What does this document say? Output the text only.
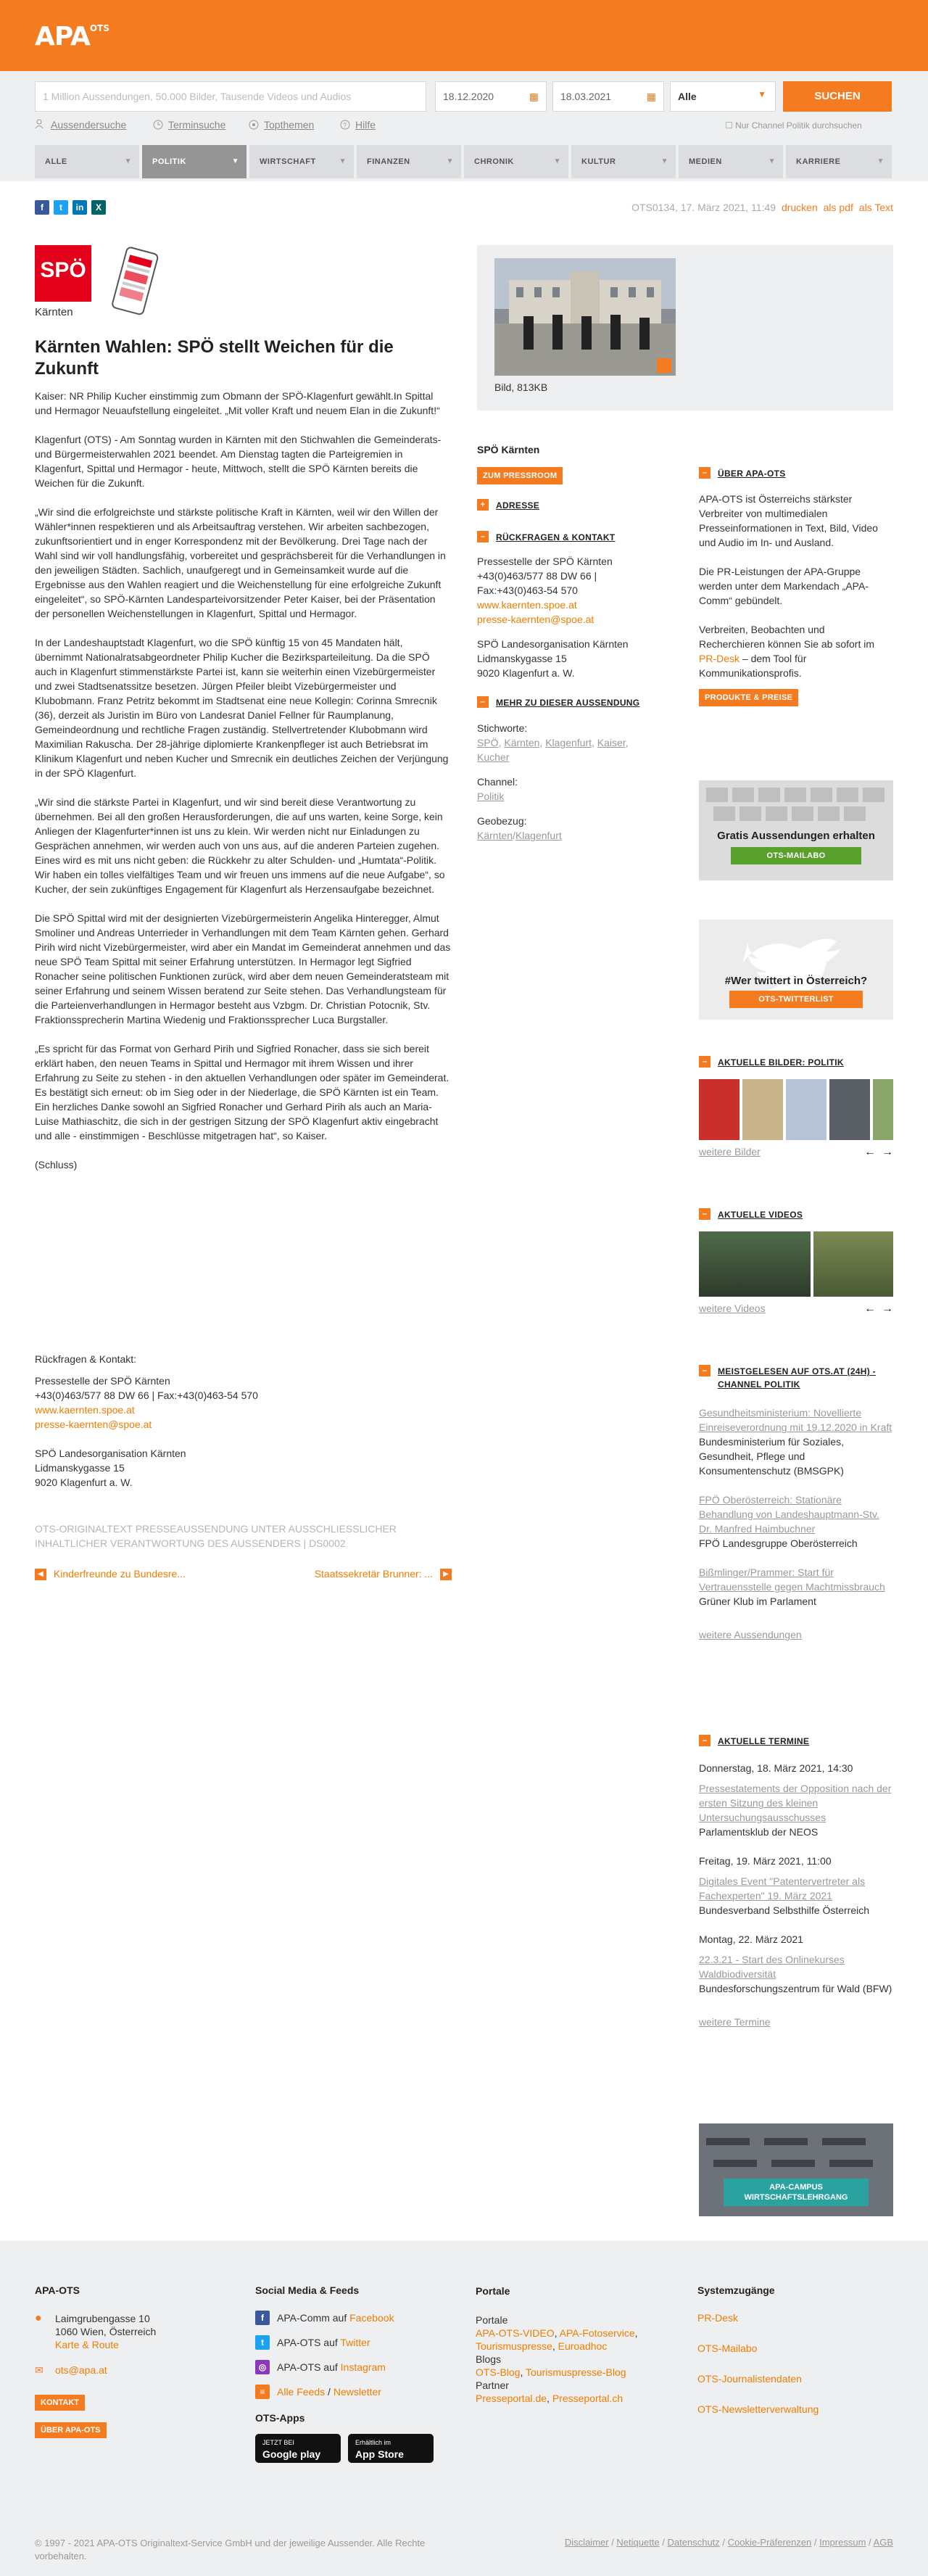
$APA^{OTS}$
1 Million Aussendungen, 50.000 Bilder, Tausende Videos und Audios	18.12.2020	▦	18.03.2021	▦	Alle	▼	SUCHEN
Aussendersuche	Terminsuche	Topthemen	? Hilfe	☐ Nur Channel Politik durchsuchen
ALLE	▼	POLITIK	▼	WIRTSCHAFT	▼	FINANZEN	▼	CHRONIK	▼	KULTUR	▼	MEDIEN	▼	KARRIERE	▼
f t in X	OTS0134, 17. März 2021, 11:49 drucken als pdf als Text
SPÖ
Kärnten
Kärnten Wahlen: SPÖ stellt Weichen für die Zukunft
Kaiser: NR Philip Kucher einstimmig zum Obmann der SPÖ-Klagenfurt gewählt.In Spittal und Hermagor Neuaufstellung eingeleitet. „Mit voller Kraft und neuem Elan in die Zukunft!“

Klagenfurt (OTS) - Am Sonntag wurden in Kärnten mit den Stichwahlen die Gemeinderats- und Bürgermeisterwahlen 2021 beendet. Am Dienstag tagten die Parteigremien in Klagenfurt, Spittal und Hermagor - heute, Mittwoch, stellt die SPÖ Kärnten bereits die Weichen für die Zukunft.

„Wir sind die erfolgreichste und stärkste politische Kraft in Kärnten, weil wir den Willen der Wähler*innen respektieren und als Arbeitsauftrag verstehen. Wir arbeiten sachbezogen, zukunftsorientiert und in enger Korrespondenz mit der Bevölkerung. Drei Tage nach der Wahl sind wir voll handlungsfähig, vorbereitet und gesprächsbereit für die Verhandlungen in den jeweiligen Städten. Sachlich, unaufgeregt und in Gemeinsamkeit wurde auf die Ergebnisse aus den Wahlen reagiert und die Weichenstellung für eine erfolgreiche Zukunft eingeleitet“, so SPÖ-Kärnten Landesparteivorsitzender Peter Kaiser, bei der Präsentation der personellen Weichenstellungen in Klagenfurt, Spittal und Hermagor.

In der Landeshauptstadt Klagenfurt, wo die SPÖ künftig 15 von 45 Mandaten hält, übernimmt Nationalratsabgeordneter Philip Kucher die Bezirksparteileitung. Da die SPÖ auch in Klagenfurt stimmenstärkste Partei ist, kann sie weiterhin einen Vizebürgermeister und zwei Stadtsenatssitze besetzen. Jürgen Pfeiler bleibt Vizebürgermeister und Klubobmann. Franz Petritz bekommt im Stadtsenat eine neue Kollegin: Corinna Smrecnik (36), derzeit als Juristin im Büro von Landesrat Daniel Fellner für Raumplanung, Gemeindeordnung und rechtliche Fragen zuständig. Stellvertretender Klubobmann wird Maximilian Rakuscha. Der 28-jährige diplomierte Krankenpfleger ist auch Betriebsrat im Klinikum Klagenfurt und neben Kucher und Smrecnik ein deutliches Zeichen der Verjüngung in der SPÖ Klagenfurt.

„Wir sind die stärkste Partei in Klagenfurt, und wir sind bereit diese Verantwortung zu übernehmen. Bei all den großen Herausforderungen, die auf uns warten, keine Sorge, kein Anliegen der Klagenfurter*innen ist uns zu klein. Wir werden nicht nur Einladungen zu Gesprächen annehmen, wir werden auch von uns aus, auf die anderen Parteien zugehen. Eines wird es mit uns nicht geben: die Rückkehr zu alter Schulden- und „Humtata“-Politik. Wir haben ein tolles vielfältiges Team und wir freuen uns immens auf die neue Aufgabe“, so Kucher, der sein zukünftiges Engagement für Klagenfurt als Herzensaufgabe bezeichnet.

Die SPÖ Spittal wird mit der designierten Vizebürgermeisterin Angelika Hinteregger, Almut Smoliner und Andreas Unterrieder in Verhandlungen mit dem Team Kärnten gehen. Gerhard Pirih wird nicht Vizebürgermeister, wird aber ein Mandat im Gemeinderat annehmen und das neue SPÖ Team Spittal mit seiner Erfahrung unterstützen. In Hermagor legt Sigfried Ronacher seine politischen Funktionen zurück, wird aber dem neuen Gemeinderatsteam mit seiner Erfahrung und seinem Wissen beratend zur Seite stehen. Das Verhandlungsteam für die Parteienverhandlungen in Hermagor besteht aus Vzbgm. Dr. Christian Potocnik, Stv. Fraktionssprecherin Martina Wiedenig und Fraktionssprecher Luca Burgstaller.

„Es spricht für das Format von Gerhard Pirih und Sigfried Ronacher, dass sie sich bereit erklärt haben, den neuen Teams in Spittal und Hermagor mit ihrem Wissen und ihrer Erfahrung zu Seite zu stehen - in den aktuellen Verhandlungen oder später im Gemeinderat. Es bestätigt sich erneut: ob im Sieg oder in der Niederlage, die SPÖ Kärnten ist ein Team. Ein herzliches Danke sowohl an Sigfried Ronacher und Gerhard Pirih als auch an Maria-Luise Mathiaschitz, die sich in der gestrigen Sitzung der SPÖ Klagenfurt aktiv eingebracht und alle - einstimmigen - Beschlüsse mitgetragen hat“, so Kaiser.

(Schluss)

Rückfragen & Kontakt:
Pressestelle der SPÖ Kärnten
+43(0)463/577 88 DW 66 | Fax:+43(0)463-54 570
www.kaernten.spoe.at
presse-kaernten@spoe.at
SPÖ Landesorganisation Kärnten
Lidmanskygasse 15
9020 Klagenfurt a. W.
OTS-ORIGINALTEXT PRESSEAUSSENDUNG UNTER AUSSCHLIESSLICHER INHALTLICHER VERANTWORTUNG DES AUSSENDERS | DS0002
◀ Kinderfreunde zu Bundesre...	Staatssekretär Brunner: ... ▶
Bild, 813KB
SPÖ Kärnten
ZUM PRESSROOM
+	ADRESSE
–	RÜCKFRAGEN & KONTAKT
Pressestelle der SPÖ Kärnten
+43(0)463/577 88 DW 66 |
Fax:+43(0)463-54 570
www.kaernten.spoe.at
presse-kaernten@spoe.at
SPÖ Landesorganisation Kärnten
Lidmanskygasse 15
9020 Klagenfurt a. W.
–	MEHR ZU DIESER AUSSENDUNG
Stichworte:
SPÖ, Kärnten, Klagenfurt, Kaiser,
Kucher
Channel:
Politik
Geobezug:
Kärnten/Klagenfurt
–	ÜBER APA-OTS

APA-OTS ist Österreichs stärkster Verbreiter von multimedialen Presseinformationen in Text, Bild, Video und Audio im In- und Ausland.

Die PR-Leistungen der APA-Gruppe werden unter dem Markendach „APA-Comm“ gebündelt.

Verbreiten, Beobachten und Recherchieren können Sie ab sofort im PR-Desk – dem Tool für Kommunikationsprofis.

PRODUKTE & PREISE
Gratis Aussendungen erhalten
OTS-MAILABO
#Wer twittert in Österreich?
OTS-TWITTERLIST
–	AKTUELLE BILDER: POLITIK
weitere Bilder	← →
–	AKTUELLE VIDEOS
weitere Videos	← →
–	MEISTGELESEN AUF OTS.AT (24H) - CHANNEL POLITIK
Gesundheitsministerium: Novellierte Einreiseverordnung mit 19.12.2020 in Kraft
Bundesministerium für Soziales, Gesundheit, Pflege und Konsumentenschutz (BMSGPK)
FPÖ Oberösterreich: Stationäre Behandlung von Landeshauptmann-Stv. Dr. Manfred Haimbuchner
FPÖ Landesgruppe Oberösterreich
Bißmlinger/Prammer: Start für Vertrauensstelle gegen Machtmissbrauch
Grüner Klub im Parlament
weitere Aussendungen
–	AKTUELLE TERMINE
Donnerstag, 18. März 2021, 14:30
Pressestatements der Opposition nach der ersten Sitzung des kleinen Untersuchungsausschusses
Parlamentsklub der NEOS
Freitag, 19. März 2021, 11:00
Digitales Event "Patentervertreter als Fachexperten" 19. März 2021
Bundesverband Selbsthilfe Österreich
Montag, 22. März 2021
22.3.21 - Start des Onlinekurses Waldbiodiversität
Bundesforschungszentrum für Wald (BFW)
weitere Termine
APA-CAMPUS WIRTSCHAFTSLEHRGANG
APA-OTS
● Laimgrubengasse 10
1060 Wien, Österreich
Karte & Route
✉ ots@apa.at
KONTAKT
ÜBER APA-OTS
Social Media & Feeds
f	APA-Comm auf Facebook
t	APA-OTS auf Twitter
◎	APA-OTS auf Instagram
≡	Alle Feeds / Newsletter
OTS-Apps
JETZT BEI
Google play
Erhältlich im
App Store
Portale
Portale
APA-OTS-VIDEO, APA-Fotoservice,
Tourismuspresse, Euroadhoc
Blogs
OTS-Blog, Tourismuspresse-Blog
Partner
Presseportal.de, Presseportal.ch
Systemzugänge
PR-Desk
OTS-Mailabo
OTS-Journalistendaten
OTS-Newsletterverwaltung
© 1997 - 2021 APA-OTS Originaltext-Service GmbH und der jeweilige Aussender. Alle Rechte vorbehalten.
Disclaimer / Netiquette / Datenschutz / Cookie-Präferenzen / Impressum / AGB
